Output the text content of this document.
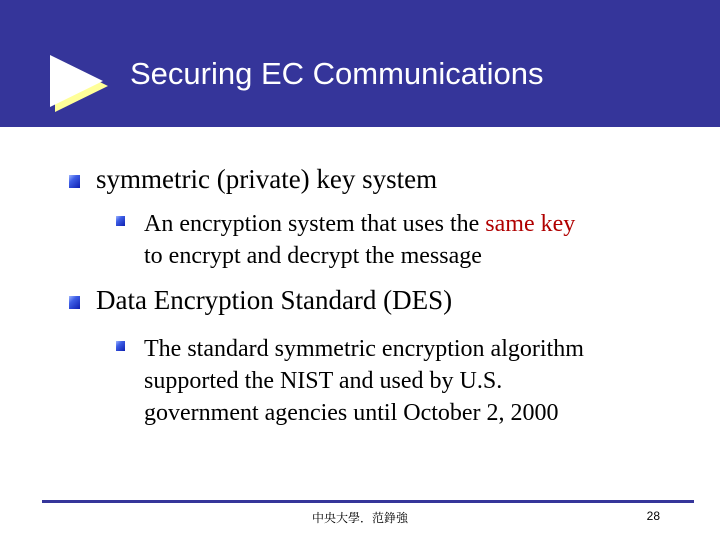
Securing EC Communications
symmetric (private) key system
An encryption system that uses the same key
to encrypt and decrypt the message
Data Encryption Standard (DES)
The standard symmetric encryption algorithm
supported the NIST and used by U.S.
government agencies until October 2, 2000
中央大學．范錚強	28
